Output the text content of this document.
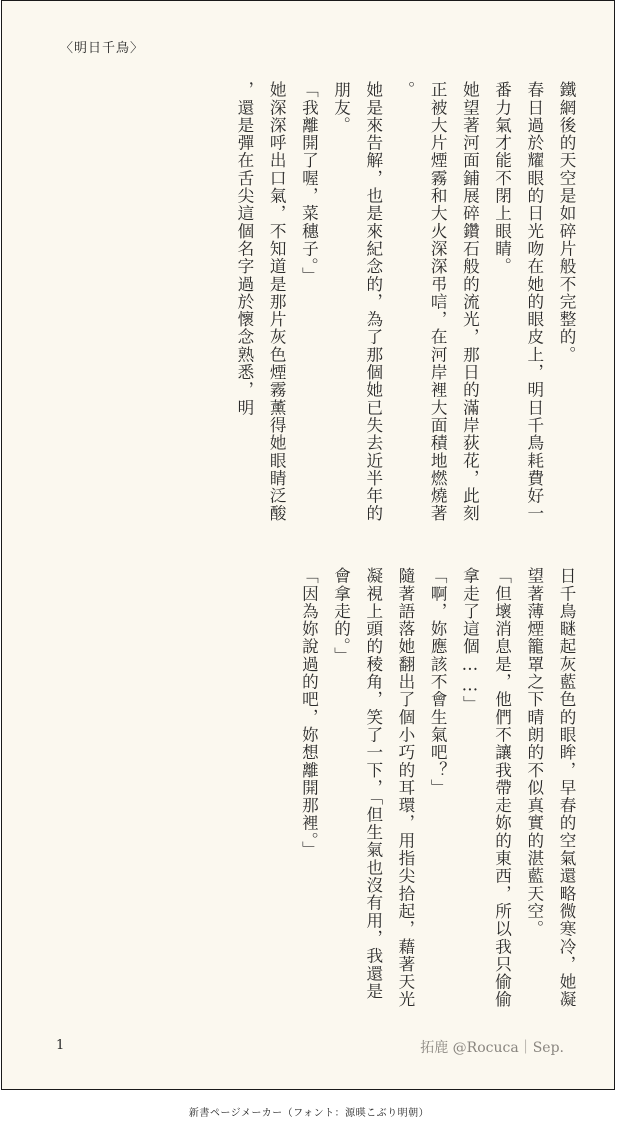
〈明日千鳥〉

鐵網後的天空是如碎片般不完整的。
春日過於耀眼的日光吻在她的眼皮上，明日千鳥耗費好一番力氣才能不閉上眼睛。
她望著河面鋪展碎鑽石般的流光，那日的滿岸荻花，此刻正被大片煙霧和大火深深弔唁，在河岸裡大面積地燃燒著。
她是來告解，也是來紀念的，為了那個她已失去近半年的朋友。
「我離開了喔，菜穗子。」
她深深呼出口氣，不知道是那片灰色煙霧薰得她眼睛泛酸，還是彈在舌尖這個名字過於懷念熟悉，明

日千鳥瞇起灰藍色的眼眸，早春的空氣還略微寒冷，她凝望著薄煙籠罩之下晴朗的不似真實的湛藍天空。
「但壞消息是，他們不讓我帶走妳的東西，所以我只偷偷拿走了這個……」
「啊，妳應該不會生氣吧？」
隨著語落她翻出了個小巧的耳環，用指尖拾起，藉著天光凝視上頭的稜角，笑了一下，「但生氣也沒有用，我還是會拿走的。」
「因為妳說過的吧，妳想離開那裡。」

1	拓鹿 @Rocuca｜Sep.
新書ページメーカー（フォント：源暎こぶり明朝）
